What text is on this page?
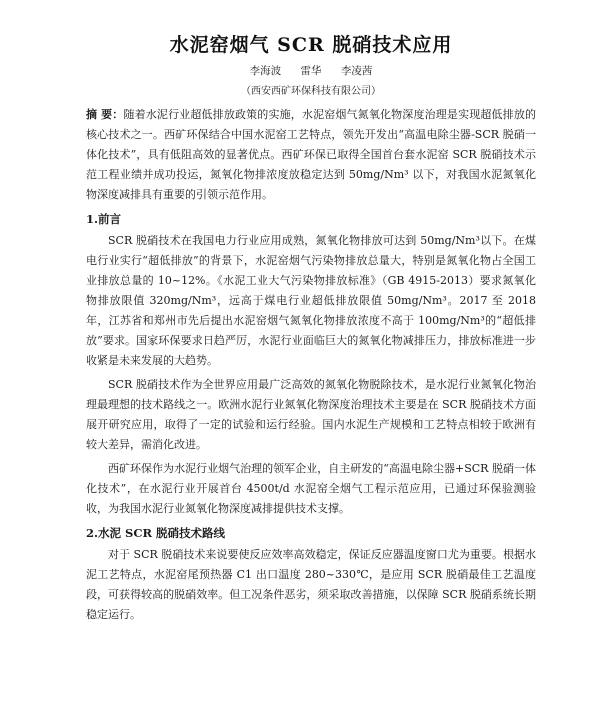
水泥窑烟气 SCR 脱硝技术应用
李海波 雷华 李凌茜
（西安西矿环保科技有限公司）

摘 要：随着水泥行业超低排放政策的实施，水泥窑烟气氮氧化物深度治理是实现超低排放的核心技术之一。西矿环保结合中国水泥窑工艺特点，领先开发出“高温电除尘器-SCR 脱硝一体化技术”，具有低阻高效的显著优点。西矿环保已取得全国首台套水泥窑 SCR 脱硝技术示范工程业绩并成功投运，氮氧化物排浓度放稳定达到 50mg/Nm³ 以下，对我国水泥氮氧化物深度减排具有重要的引领示范作用。

1.前言

SCR 脱硝技术在我国电力行业应用成熟，氮氧化物排放可达到 50mg/Nm³以下。在煤电行业实行“超低排放”的背景下，水泥窑烟气污染物排放总量大，特别是氮氧化物占全国工业排放总量的 10~12%。《水泥工业大气污染物排放标准》（GB 4915-2013）要求氮氧化物排放限值 320mg/Nm³，远高于煤电行业超低排放限值 50mg/Nm³。2017 至 2018 年，江苏省和郑州市先后提出水泥窑烟气氮氧化物排放浓度不高于 100mg/Nm³的“超低排放”要求。国家环保要求日趋严厉，水泥行业面临巨大的氮氧化物减排压力，排放标准进一步收紧是未来发展的大趋势。

SCR 脱硝技术作为全世界应用最广泛高效的氮氧化物脱除技术，是水泥行业氮氧化物治理最理想的技术路线之一。欧洲水泥行业氮氧化物深度治理技术主要是在 SCR 脱硝技术方面展开研究应用，取得了一定的试验和运行经验。国内水泥生产规模和工艺特点相较于欧洲有较大差异，需消化改进。

西矿环保作为水泥行业烟气治理的领军企业，自主研发的“高温电除尘器+SCR 脱硝一体化技术”，在水泥行业开展首台 4500t/d 水泥窑全烟气工程示范应用，已通过环保验测验收，为我国水泥行业氮氧化物深度减排提供技术支撑。

2.水泥 SCR 脱硝技术路线

对于 SCR 脱硝技术来说要使反应效率高效稳定，保证反应器温度窗口尤为重要。根据水泥工艺特点，水泥窑尾预热器 C1 出口温度 280~330℃，是应用 SCR 脱硝最佳工艺温度段，可获得较高的脱硝效率。但工况条件恶劣，须采取改善措施，以保障 SCR 脱硝系统长期稳定运行。
